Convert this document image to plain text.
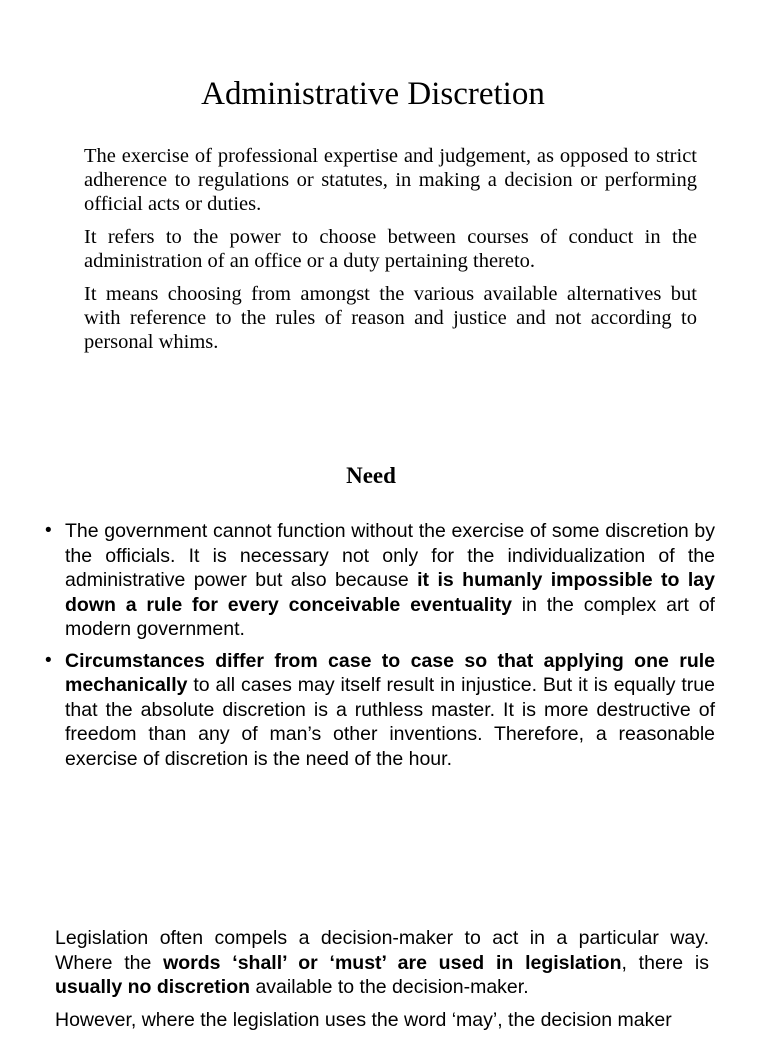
Administrative Discretion

The exercise of professional expertise and judgement, as opposed to strict adherence to regulations or statutes, in making a decision or performing official acts or duties.

It refers to the power to choose between courses of conduct in the administration of an office or a duty pertaining thereto.

It means choosing from amongst the various available alternatives but with reference to the rules of reason and justice and not according to personal whims.

Need
• The government cannot function without the exercise of some discretion by the officials. It is necessary not only for the individualization of the administrative power but also because it is humanly impossible to lay down a rule for every conceivable eventuality in the complex art of modern government.
• Circumstances differ from case to case so that applying one rule mechanically to all cases may itself result in injustice. But it is equally true that the absolute discretion is a ruthless master. It is more destructive of freedom than any of man’s other inventions. Therefore, a reasonable exercise of discretion is the need of the hour.

Legislation often compels a decision-maker to act in a particular way. Where the words ‘shall’ or ‘must’ are used in legislation, there is usually no discretion available to the decision-maker.

However, where the legislation uses the word ‘may’, the decision maker
